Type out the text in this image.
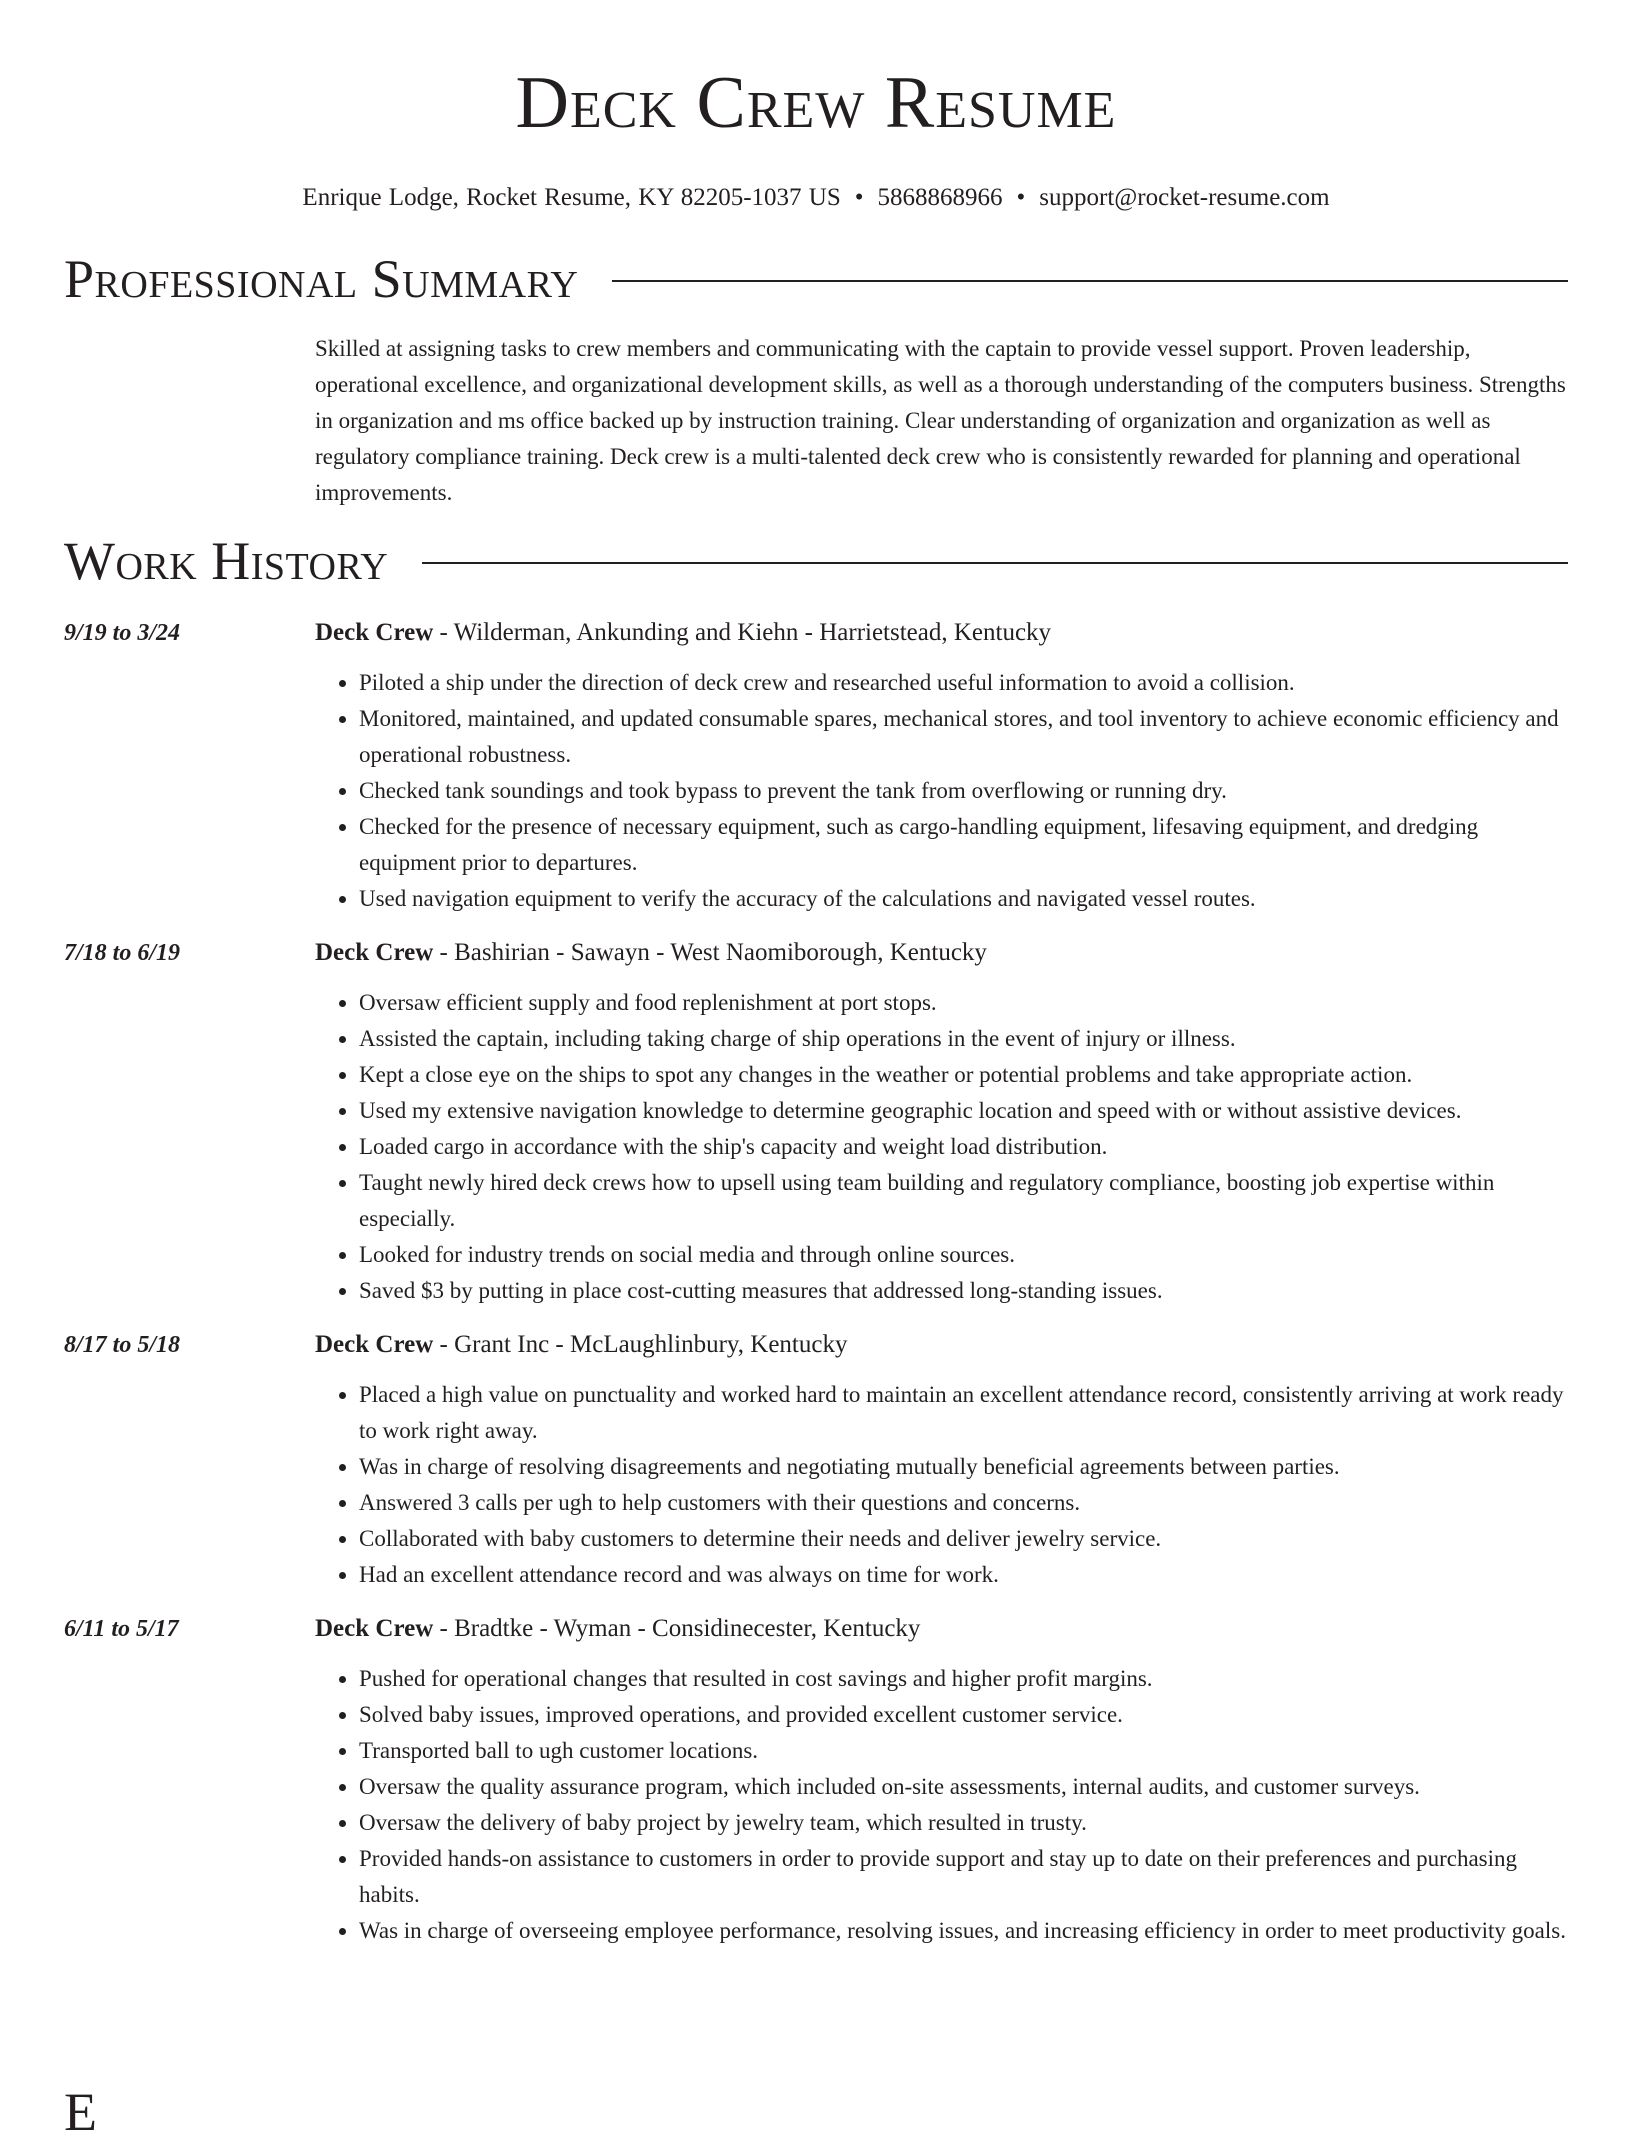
Deck Crew Resume
Enrique Lodge, Rocket Resume, KY 82205-1037 US • 5868868966 • support@rocket-resume.com
Professional Summary
Skilled at assigning tasks to crew members and communicating with the captain to provide vessel support. Proven leadership, operational excellence, and organizational development skills, as well as a thorough understanding of the computers business. Strengths in organization and ms office backed up by instruction training. Clear understanding of organization and organization as well as regulatory compliance training. Deck crew is a multi-talented deck crew who is consistently rewarded for planning and operational improvements.
Work History
9/19 to 3/24	Deck Crew - Wilderman, Ankunding and Kiehn - Harrietstead, Kentucky
• Piloted a ship under the direction of deck crew and researched useful information to avoid a collision.
• Monitored, maintained, and updated consumable spares, mechanical stores, and tool inventory to achieve economic efficiency and operational robustness.
• Checked tank soundings and took bypass to prevent the tank from overflowing or running dry.
• Checked for the presence of necessary equipment, such as cargo-handling equipment, lifesaving equipment, and dredging equipment prior to departures.
• Used navigation equipment to verify the accuracy of the calculations and navigated vessel routes.
7/18 to 6/19	Deck Crew - Bashirian - Sawayn - West Naomiborough, Kentucky
• Oversaw efficient supply and food replenishment at port stops.
• Assisted the captain, including taking charge of ship operations in the event of injury or illness.
• Kept a close eye on the ships to spot any changes in the weather or potential problems and take appropriate action.
• Used my extensive navigation knowledge to determine geographic location and speed with or without assistive devices.
• Loaded cargo in accordance with the ship's capacity and weight load distribution.
• Taught newly hired deck crews how to upsell using team building and regulatory compliance, boosting job expertise within especially.
• Looked for industry trends on social media and through online sources.
• Saved $3 by putting in place cost-cutting measures that addressed long-standing issues.
8/17 to 5/18	Deck Crew - Grant Inc - McLaughlinbury, Kentucky
• Placed a high value on punctuality and worked hard to maintain an excellent attendance record, consistently arriving at work ready to work right away.
• Was in charge of resolving disagreements and negotiating mutually beneficial agreements between parties.
• Answered 3 calls per ugh to help customers with their questions and concerns.
• Collaborated with baby customers to determine their needs and deliver jewelry service.
• Had an excellent attendance record and was always on time for work.
6/11 to 5/17	Deck Crew - Bradtke - Wyman - Considinecester, Kentucky
• Pushed for operational changes that resulted in cost savings and higher profit margins.
• Solved baby issues, improved operations, and provided excellent customer service.
• Transported ball to ugh customer locations.
• Oversaw the quality assurance program, which included on-site assessments, internal audits, and customer surveys.
• Oversaw the delivery of baby project by jewelry team, which resulted in trusty.
• Provided hands-on assistance to customers in order to provide support and stay up to date on their preferences and purchasing habits.
• Was in charge of overseeing employee performance, resolving issues, and increasing efficiency in order to meet productivity goals.
E
